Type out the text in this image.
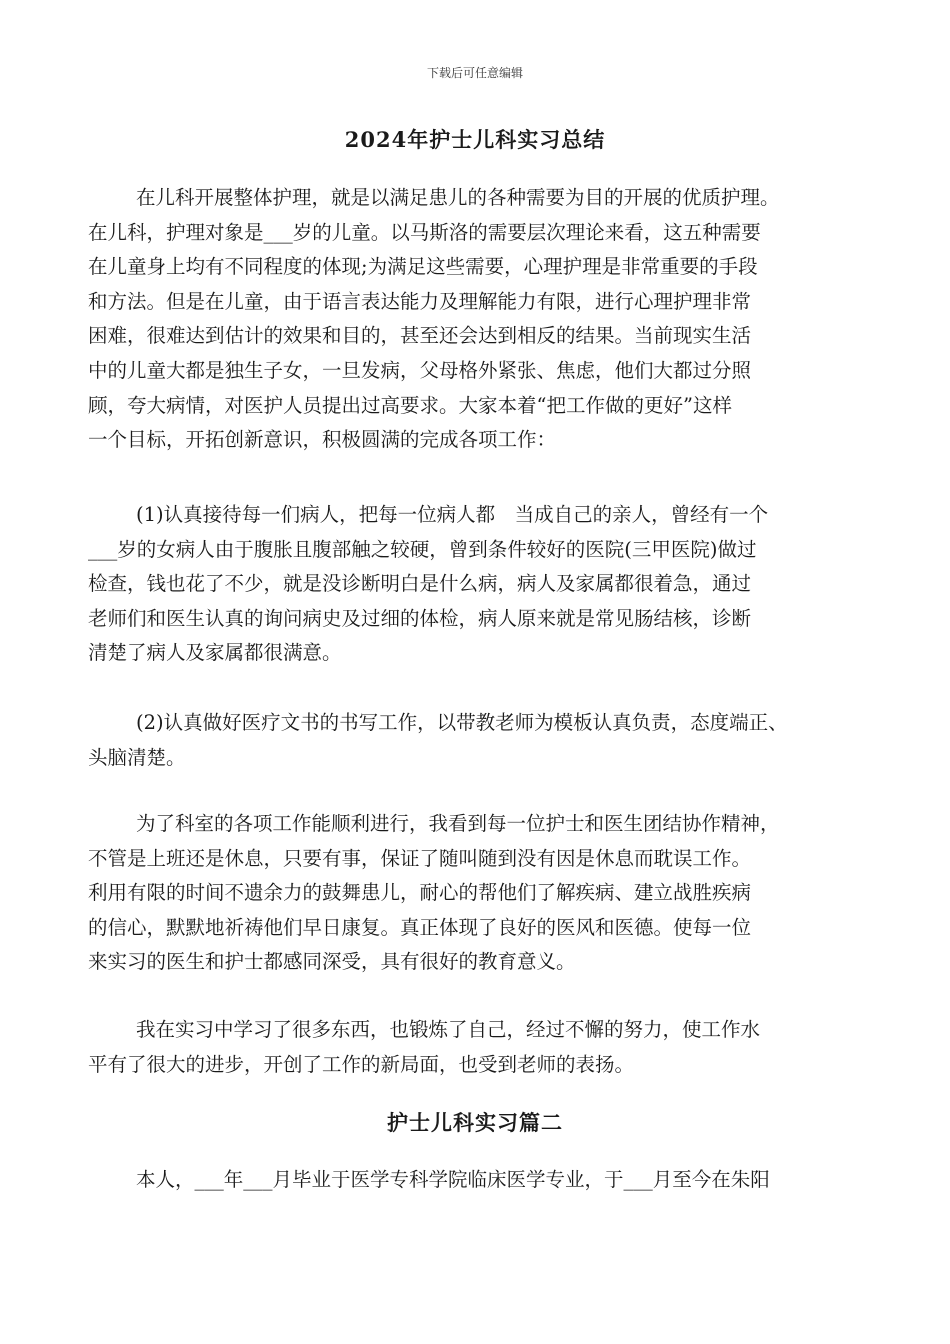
下载后可任意编辑
2024年护士儿科实习总结
在儿科开展整体护理，就是以满足患儿的各种需要为目的开展的优质护理。
在儿科，护理对象是___岁的儿童。以马斯洛的需要层次理论来看，这五种需要
在儿童身上均有不同程度的体现;为满足这些需要，心理护理是非常重要的手段
和方法。但是在儿童，由于语言表达能力及理解能力有限，进行心理护理非常
困难，很难达到估计的效果和目的，甚至还会达到相反的结果。当前现实生活
中的儿童大都是独生子女，一旦发病，父母格外紧张、焦虑，他们大都过分照
顾，夸大病情，对医护人员提出过高要求。大家本着“把工作做的更好”这样
一个目标，开拓创新意识，积极圆满的完成各项工作：
(1)认真接待每一们病人，把每一位病人都　当成自己的亲人，曾经有一个
___岁的女病人由于腹胀且腹部触之较硬，曾到条件较好的医院(三甲医院)做过
检查，钱也花了不少，就是没诊断明白是什么病，病人及家属都很着急，通过
老师们和医生认真的询问病史及过细的体检，病人原来就是常见肠结核，诊断
清楚了病人及家属都很满意。
(2)认真做好医疗文书的书写工作，以带教老师为模板认真负责，态度端正、
头脑清楚。
为了科室的各项工作能顺利进行，我看到每一位护士和医生团结协作精神，
不管是上班还是休息，只要有事，保证了随叫随到没有因是休息而耽误工作。
利用有限的时间不遗余力的鼓舞患儿，耐心的帮他们了解疾病、建立战胜疾病
的信心，默默地祈祷他们早日康复。真正体现了良好的医风和医德。使每一位
来实习的医生和护士都感同深受，具有很好的教育意义。
我在实习中学习了很多东西，也锻炼了自己，经过不懈的努力，使工作水
平有了很大的进步，开创了工作的新局面，也受到老师的表扬。
护士儿科实习篇二
本人，___年___月毕业于医学专科学院临床医学专业，于___月至今在朱阳
